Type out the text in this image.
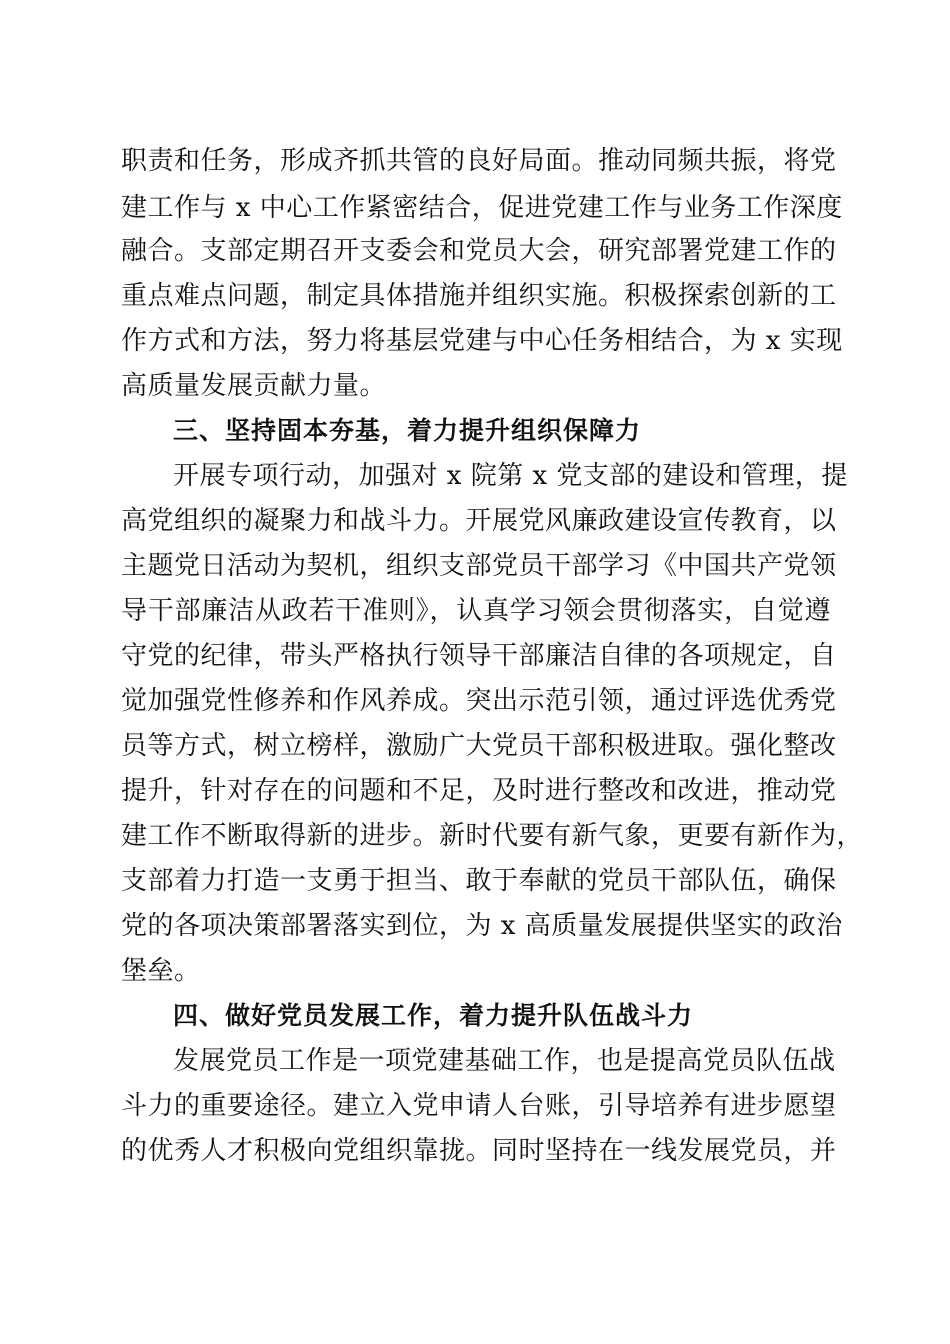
职责和任务，形成齐抓共管的良好局面。推动同频共振，将党
建工作与 x 中心工作紧密结合，促进党建工作与业务工作深度
融合。支部定期召开支委会和党员大会，研究部署党建工作的
重点难点问题，制定具体措施并组织实施。积极探索创新的工
作方式和方法，努力将基层党建与中心任务相结合，为 x 实现
高质量发展贡献力量。
三、坚持固本夯基，着力提升组织保障力
开展专项行动，加强对 x 院第 x 党支部的建设和管理，提
高党组织的凝聚力和战斗力。开展党风廉政建设宣传教育，以
主题党日活动为契机，组织支部党员干部学习《中国共产党领
导干部廉洁从政若干准则》，认真学习领会贯彻落实，自觉遵
守党的纪律，带头严格执行领导干部廉洁自律的各项规定，自
觉加强党性修养和作风养成。突出示范引领，通过评选优秀党
员等方式，树立榜样，激励广大党员干部积极进取。强化整改
提升，针对存在的问题和不足，及时进行整改和改进，推动党
建工作不断取得新的进步。新时代要有新气象，更要有新作为，
支部着力打造一支勇于担当、敢于奉献的党员干部队伍，确保
党的各项决策部署落实到位，为 x 高质量发展提供坚实的政治
堡垒。
四、做好党员发展工作，着力提升队伍战斗力
发展党员工作是一项党建基础工作，也是提高党员队伍战
斗力的重要途径。建立入党申请人台账，引导培养有进步愿望
的优秀人才积极向党组织靠拢。同时坚持在一线发展党员，并
